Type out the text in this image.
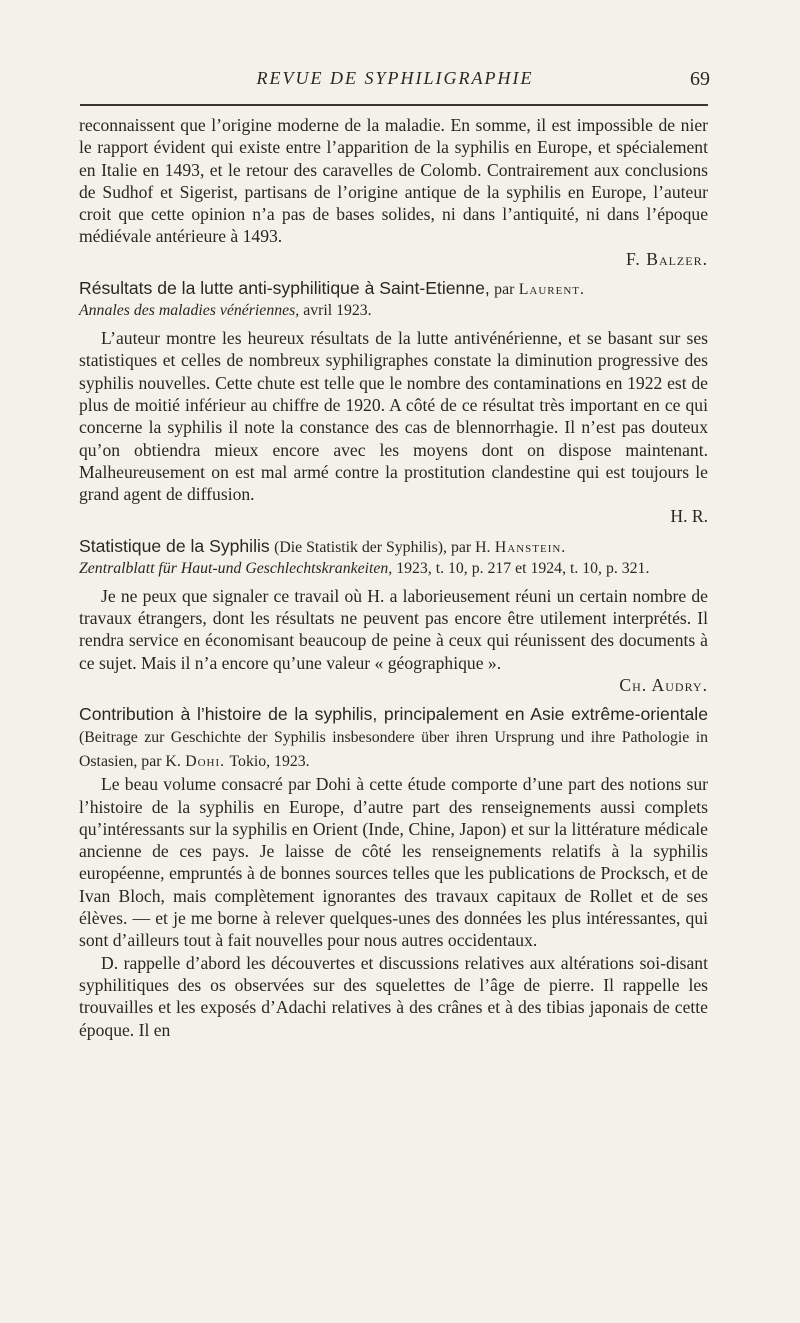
REVUE DE SYPHILIGRAPHIE	69

reconnaissent que l’origine moderne de la maladie. En somme, il est impossible de nier le rapport évident qui existe entre l’apparition de la syphilis en Europe, et spécialement en Italie en 1493, et le retour des caravelles de Colomb. Contrairement aux conclusions de Sudhof et Sigerist, partisans de l’origine antique de la syphilis en Europe, l’auteur croit que cette opinion n’a pas de bases solides, ni dans l’antiquité, ni dans l’époque médiévale antérieure à 1493.

F. Balzer.

Résultats de la lutte anti-syphilitique à Saint-Etienne, par Laurent.
Annales des maladies vénériennes, avril 1923.

L’auteur montre les heureux résultats de la lutte antivénérienne, et se basant sur ses statistiques et celles de nombreux syphiligraphes constate la diminution progressive des syphilis nouvelles. Cette chute est telle que le nombre des contaminations en 1922 est de plus de moitié inférieur au chiffre de 1920. A côté de ce résultat très important en ce qui concerne la syphilis il note la constance des cas de blennorrhagie. Il n’est pas douteux qu’on obtiendra mieux encore avec les moyens dont on dispose maintenant. Malheureusement on est mal armé contre la prostitution clandestine qui est toujours le grand agent de diffusion.

H. R.

Statistique de la Syphilis (Die Statistik der Syphilis), par H. Hanstein.
Zentralblatt für Haut-und Geschlechtskrankeiten, 1923, t. 10, p. 217 et 1924, t. 10, p. 321.

Je ne peux que signaler ce travail où H. a laborieusement réuni un certain nombre de travaux étrangers, dont les résultats ne peuvent pas encore être utilement interprétés. Il rendra service en économisant beaucoup de peine à ceux qui réunissent des documents à ce sujet. Mais il n’a encore qu’une valeur « géographique ».

Ch. Audry.

Contribution à l’histoire de la syphilis, principalement en Asie extrême-orientale (Beitrage zur Geschichte der Syphilis insbesondere über ihren Ursprung und ihre Pathologie in Ostasien, par K. Dohi. Tokio, 1923.

Le beau volume consacré par Dohi à cette étude comporte d’une part des notions sur l’histoire de la syphilis en Europe, d’autre part des renseignements aussi complets qu’intéressants sur la syphilis en Orient (Inde, Chine, Japon) et sur la littérature médicale ancienne de ces pays. Je laisse de côté les renseignements relatifs à la syphilis européenne, empruntés à de bonnes sources telles que les publications de Procksch, et de Ivan Bloch, mais complètement ignorantes des travaux capitaux de Rollet et de ses élèves. — et je me borne à relever quelques-unes des données les plus intéressantes, qui sont d’ailleurs tout à fait nouvelles pour nous autres occidentaux.

D. rappelle d’abord les découvertes et discussions relatives aux altérations soi-disant syphilitiques des os observées sur des squelettes de l’âge de pierre. Il rappelle les trouvailles et les exposés d’Adachi relatives à des crânes et à des tibias japonais de cette époque. Il en
